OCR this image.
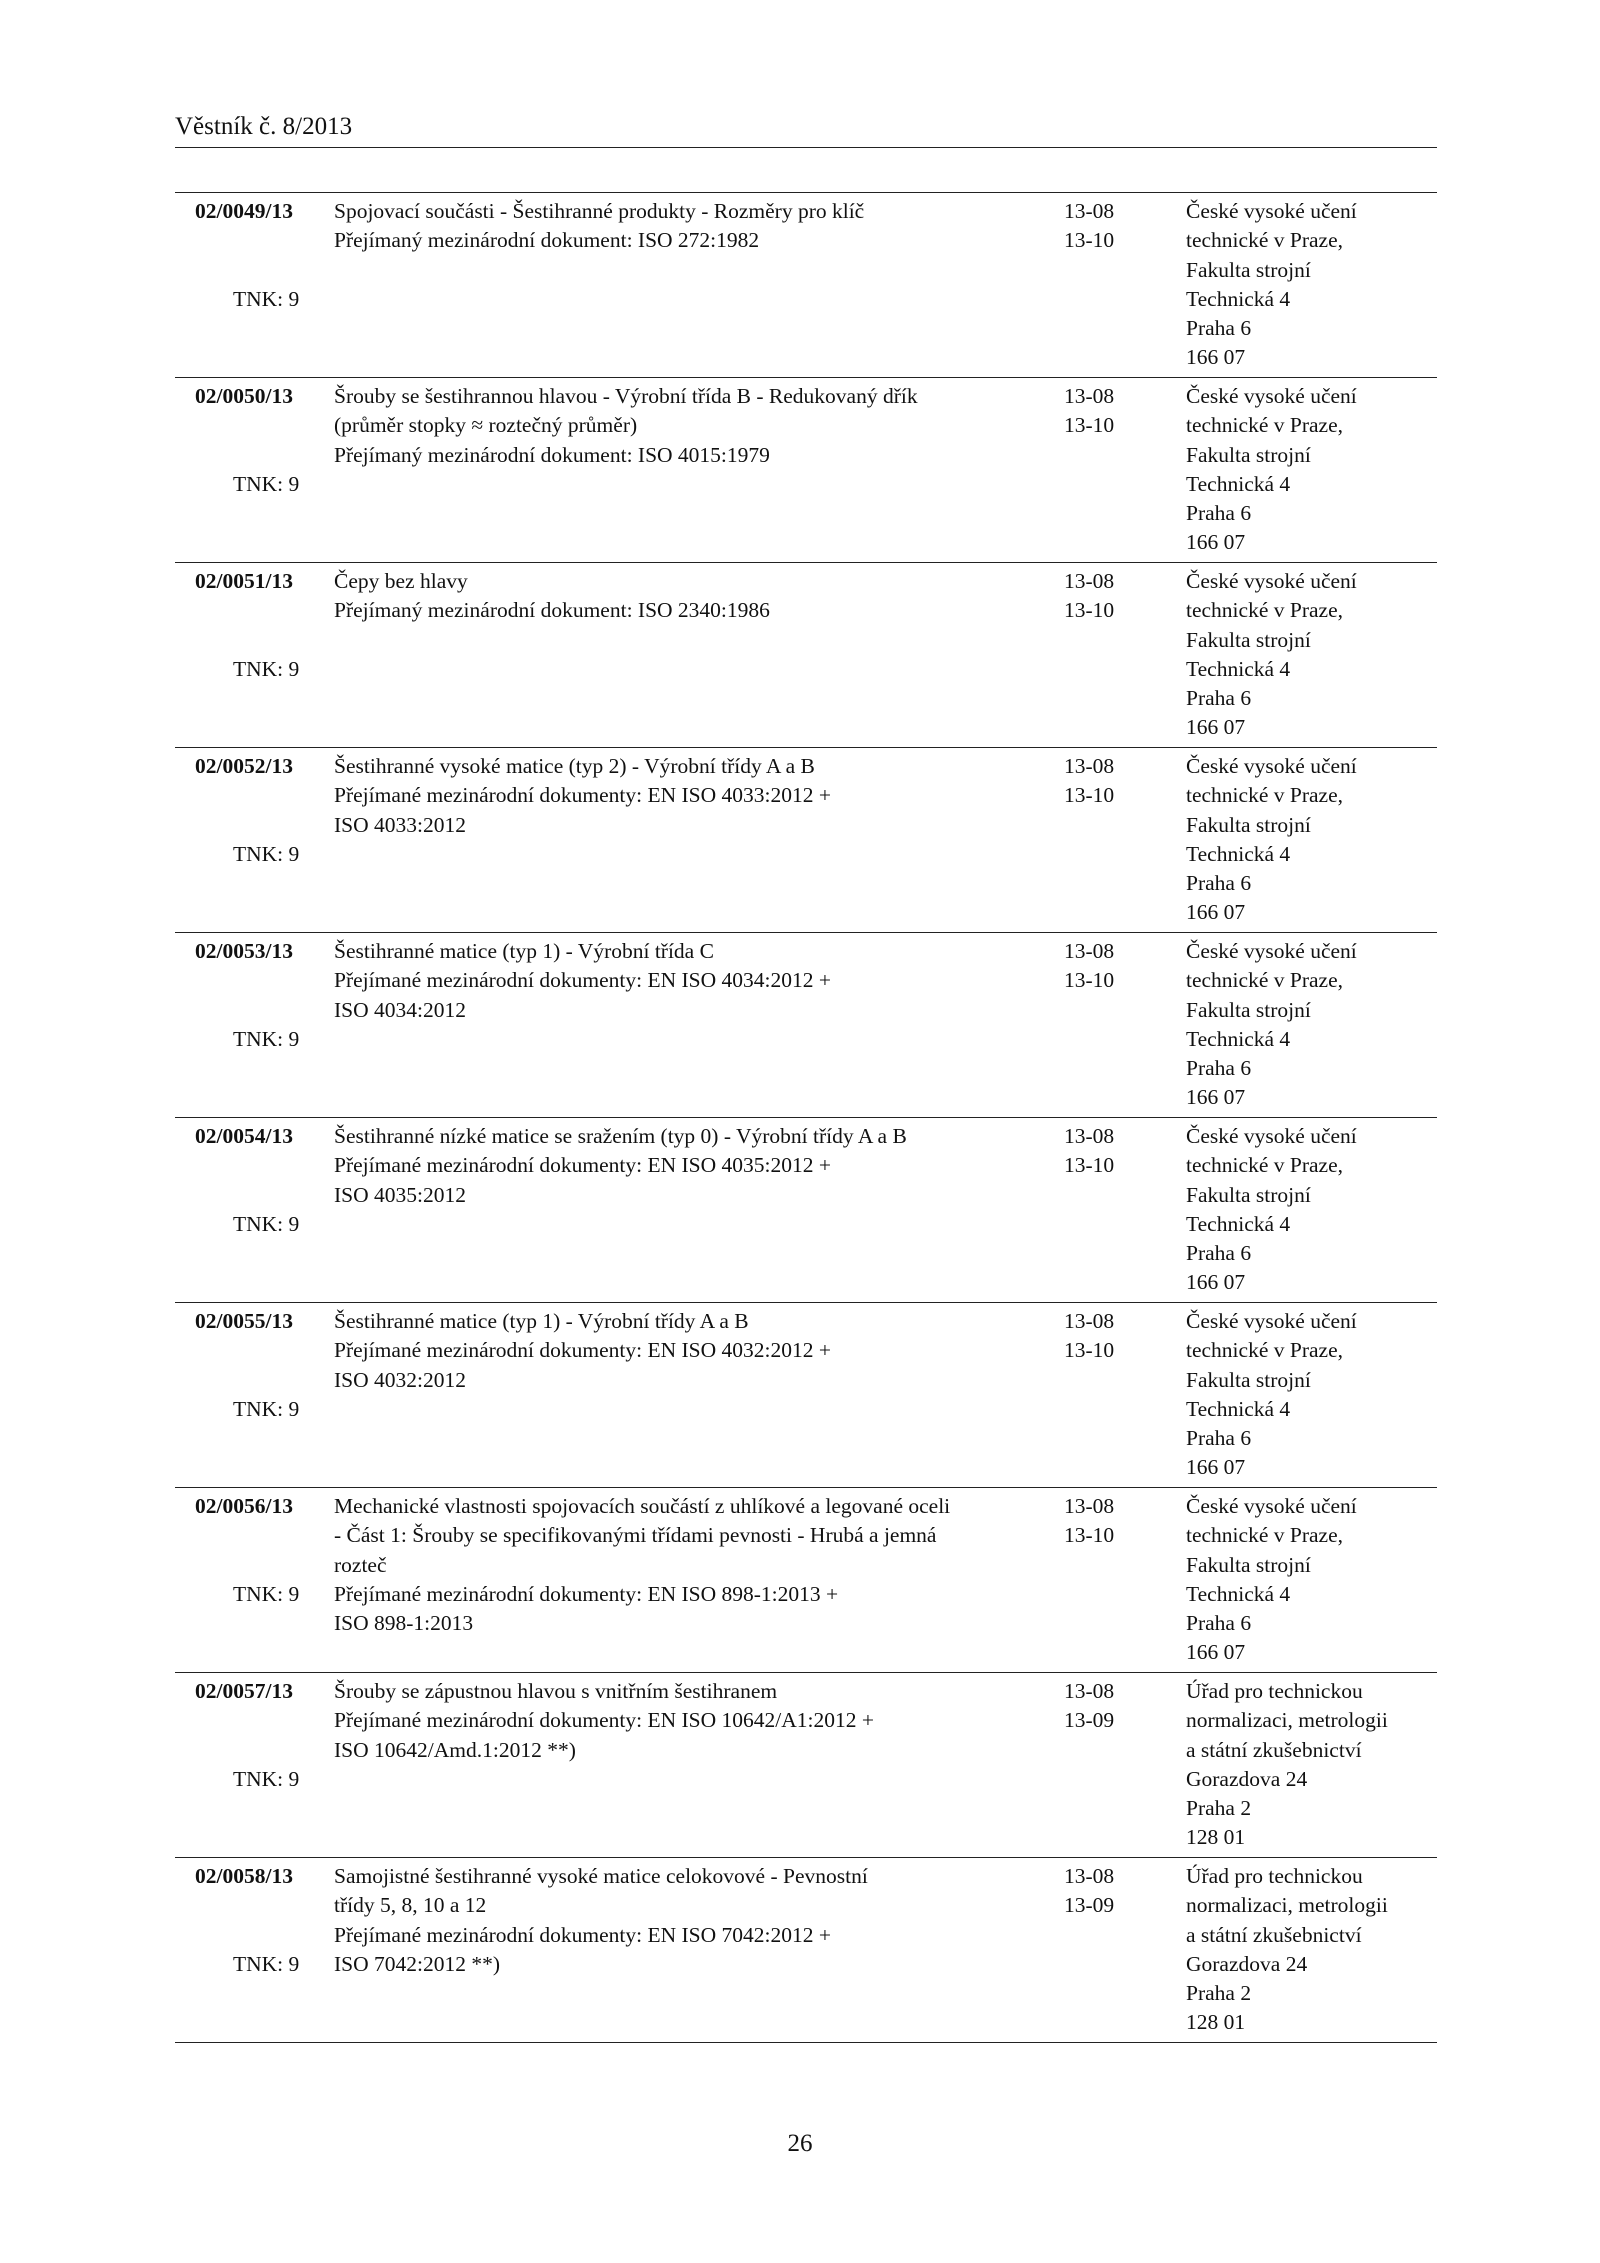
Věstník č. 8/2013
02/0049/13
TNK: 9
Spojovací součásti - Šestihranné produkty - Rozměry pro klíč
Přejímaný mezinárodní dokument: ISO 272:1982
13-08
13-10
České vysoké učení
technické v Praze,
Fakulta strojní
Technická 4
Praha 6
166 07
02/0050/13
TNK: 9
Šrouby se šestihrannou hlavou - Výrobní třída B - Redukovaný dřík
(průměr stopky ≈ roztečný průměr)
Přejímaný mezinárodní dokument: ISO 4015:1979
13-08
13-10
České vysoké učení
technické v Praze,
Fakulta strojní
Technická 4
Praha 6
166 07
02/0051/13
TNK: 9
Čepy bez hlavy
Přejímaný mezinárodní dokument: ISO 2340:1986
13-08
13-10
České vysoké učení
technické v Praze,
Fakulta strojní
Technická 4
Praha 6
166 07
02/0052/13
TNK: 9
Šestihranné vysoké matice (typ 2) - Výrobní třídy A a B
Přejímané mezinárodní dokumenty: EN ISO 4033:2012 +
ISO 4033:2012
13-08
13-10
České vysoké učení
technické v Praze,
Fakulta strojní
Technická 4
Praha 6
166 07
02/0053/13
TNK: 9
Šestihranné matice (typ 1) - Výrobní třída C
Přejímané mezinárodní dokumenty: EN ISO 4034:2012 +
ISO 4034:2012
13-08
13-10
České vysoké učení
technické v Praze,
Fakulta strojní
Technická 4
Praha 6
166 07
02/0054/13
TNK: 9
Šestihranné nízké matice se sražením (typ 0) - Výrobní třídy A a B
Přejímané mezinárodní dokumenty: EN ISO 4035:2012 +
ISO 4035:2012
13-08
13-10
České vysoké učení
technické v Praze,
Fakulta strojní
Technická 4
Praha 6
166 07
02/0055/13
TNK: 9
Šestihranné matice (typ 1) - Výrobní třídy A a B
Přejímané mezinárodní dokumenty: EN ISO 4032:2012 +
ISO 4032:2012
13-08
13-10
České vysoké učení
technické v Praze,
Fakulta strojní
Technická 4
Praha 6
166 07
02/0056/13
TNK: 9
Mechanické vlastnosti spojovacích součástí z uhlíkové a legované oceli
- Část 1: Šrouby se specifikovanými třídami pevnosti - Hrubá a jemná
rozteč
Přejímané mezinárodní dokumenty: EN ISO 898-1:2013 +
ISO 898-1:2013
13-08
13-10
České vysoké učení
technické v Praze,
Fakulta strojní
Technická 4
Praha 6
166 07
02/0057/13
TNK: 9
Šrouby se zápustnou hlavou s vnitřním šestihranem
Přejímané mezinárodní dokumenty: EN ISO 10642/A1:2012 +
ISO 10642/Amd.1:2012 **)
13-08
13-09
Úřad pro technickou
normalizaci, metrologii
a státní zkušebnictví
Gorazdova 24
Praha 2
128 01
02/0058/13
TNK: 9
Samojistné šestihranné vysoké matice celokovové - Pevnostní
třídy 5, 8, 10 a 12
Přejímané mezinárodní dokumenty: EN ISO 7042:2012 +
ISO 7042:2012 **)
13-08
13-09
Úřad pro technickou
normalizaci, metrologii
a státní zkušebnictví
Gorazdova 24
Praha 2
128 01
26
